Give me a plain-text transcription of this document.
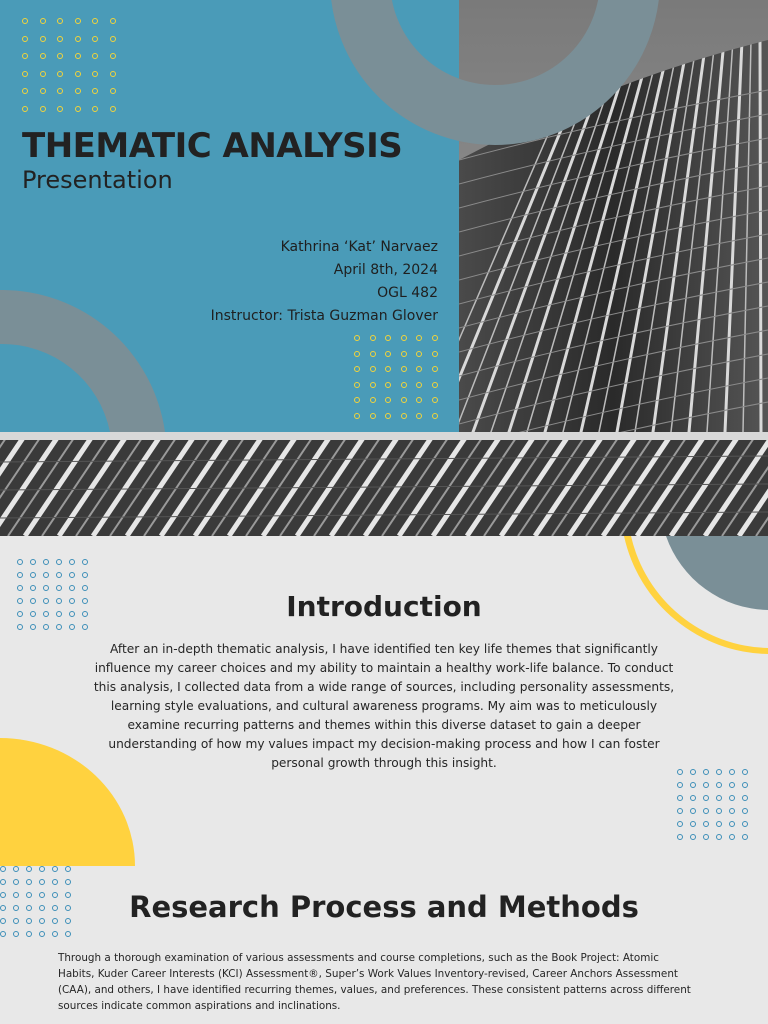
THEMATIC ANALYSIS

Presentation

Kathrina ‘Kat’ Narvaez
April 8th, 2024
OGL 482
Instructor: Trista Guzman Glover
Introduction

After an in-depth thematic analysis, I have identified ten key life themes that significantly influence my career choices and my ability to maintain a healthy work-life balance. To conduct this analysis, I collected data from a wide range of sources, including personality assessments, learning style evaluations, and cultural awareness programs. My aim was to meticulously examine recurring patterns and themes within this diverse dataset to gain a deeper understanding of how my values impact my decision-making process and how I can foster personal growth through this insight.

Research Process and Methods

Through a thorough examination of various assessments and course completions, such as the Book Project: Atomic Habits, Kuder Career Interests (KCI) Assessment®, Super’s Work Values Inventory-revised, Career Anchors Assessment (CAA), and others, I have identified recurring themes, values, and preferences. These consistent patterns across different sources indicate common aspirations and inclinations.
